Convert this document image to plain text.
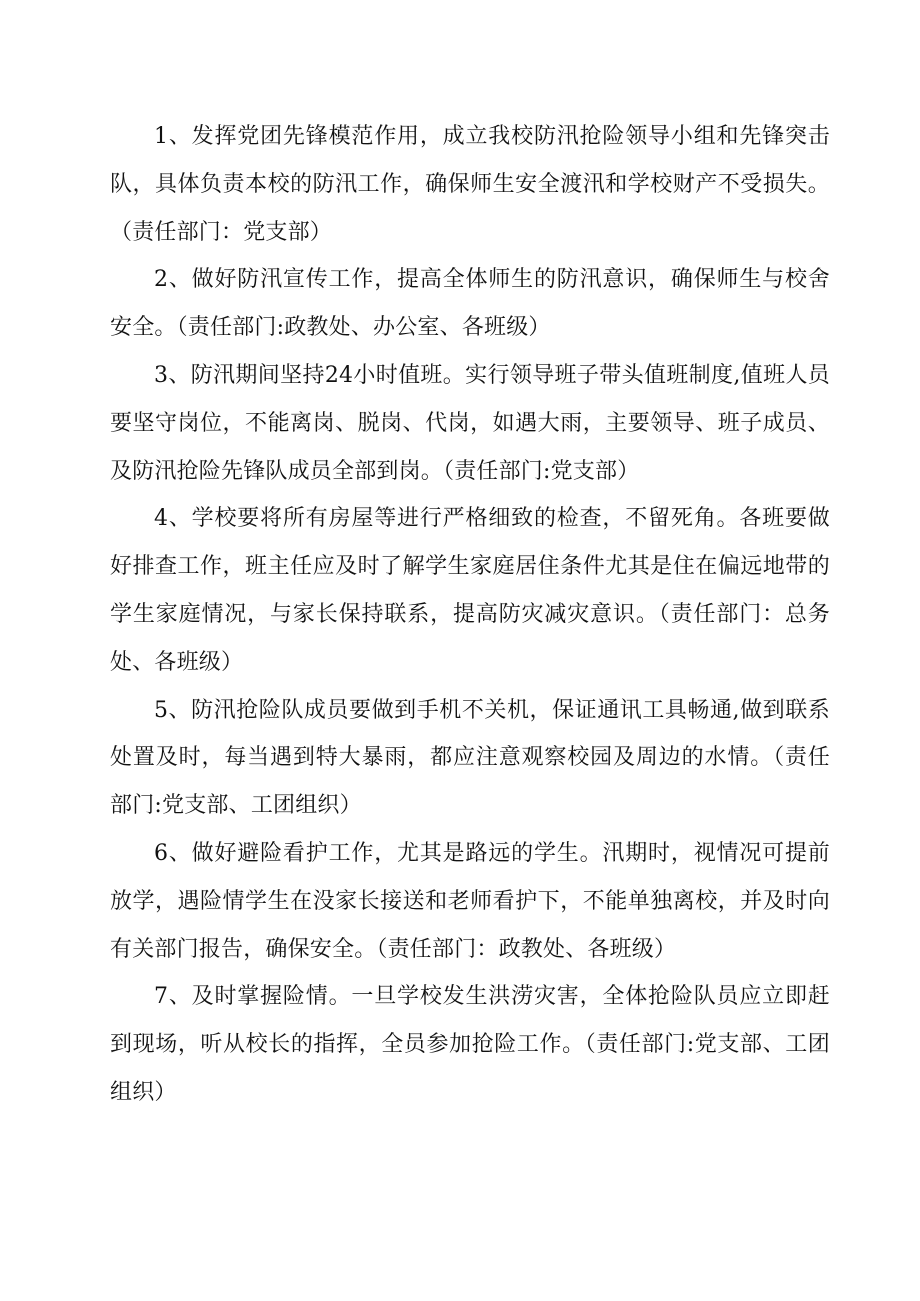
1、发挥党团先锋模范作用，成立我校防汛抢险领导小组和先锋突击队，具体负责本校的防汛工作，确保师生安全渡汛和学校财产不受损失。（责任部门：党支部）

2、做好防汛宣传工作，提高全体师生的防汛意识，确保师生与校舍安全。（责任部门:政教处、办公室、各班级）

3、防汛期间坚持24小时值班。实行领导班子带头值班制度,值班人员要坚守岗位，不能离岗、脱岗、代岗，如遇大雨，主要领导、班子成员、及防汛抢险先锋队成员全部到岗。（责任部门:党支部）

4、学校要将所有房屋等进行严格细致的检查，不留死角。各班要做好排查工作，班主任应及时了解学生家庭居住条件尤其是住在偏远地带的学生家庭情况，与家长保持联系，提高防灾减灾意识。（责任部门：总务处、各班级）

5、防汛抢险队成员要做到手机不关机，保证通讯工具畅通,做到联系处置及时，每当遇到特大暴雨，都应注意观察校园及周边的水情。（责任部门:党支部、工团组织）

6、做好避险看护工作，尤其是路远的学生。汛期时，视情况可提前放学，遇险情学生在没家长接送和老师看护下，不能单独离校，并及时向有关部门报告，确保安全。（责任部门：政教处、各班级）

7、及时掌握险情。一旦学校发生洪涝灾害，全体抢险队员应立即赶到现场，听从校长的指挥，全员参加抢险工作。（责任部门:党支部、工团组织）
